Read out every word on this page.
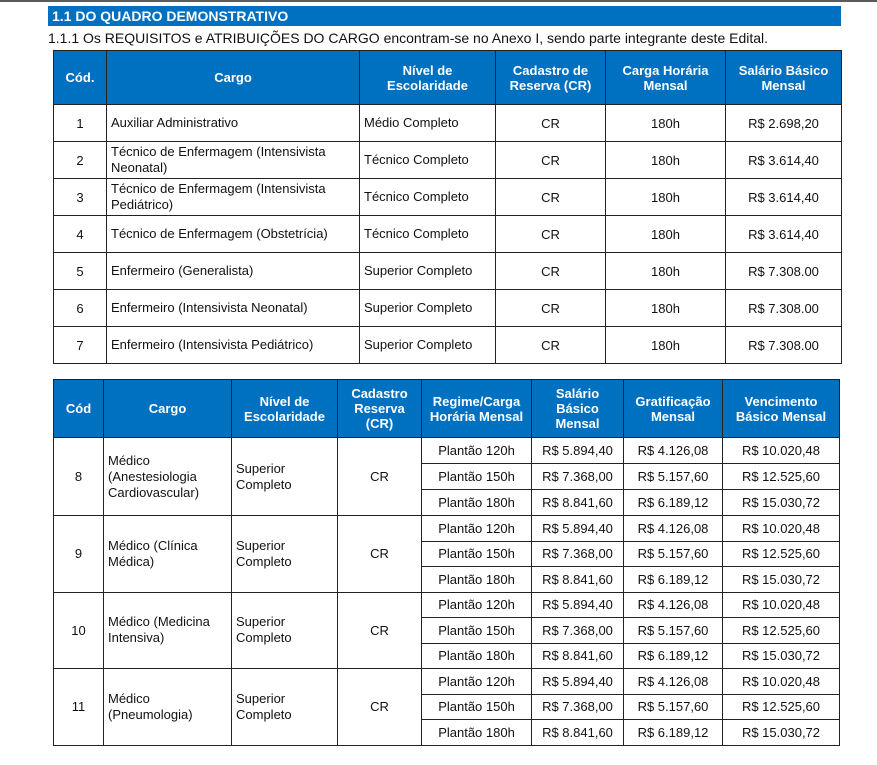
1.1 DO QUADRO DEMONSTRATIVO
1.1.1 Os REQUISITOS e ATRIBUIÇÕES DO CARGO encontram-se no Anexo I, sendo parte integrante deste Edital.
Cód.	Cargo	Nível de Escolaridade	Cadastro de Reserva (CR)	Carga Horária Mensal	Salário Básico Mensal
1	Auxiliar Administrativo	Médio Completo	CR	180h	R$ 2.698,20
2	Técnico de Enfermagem (Intensivista Neonatal)	Técnico Completo	CR	180h	R$ 3.614,40
3	Técnico de Enfermagem (Intensivista Pediátrico)	Técnico Completo	CR	180h	R$ 3.614,40
4	Técnico de Enfermagem (Obstetrícia)	Técnico Completo	CR	180h	R$ 3.614,40
5	Enfermeiro (Generalista)	Superior Completo	CR	180h	R$ 7.308.00
6	Enfermeiro (Intensivista Neonatal)	Superior Completo	CR	180h	R$ 7.308.00
7	Enfermeiro (Intensivista Pediátrico)	Superior Completo	CR	180h	R$ 7.308.00
Cód	Cargo	Nível de Escolaridade	Cadastro Reserva (CR)	Regime/Carga Horária Mensal	Salário Básico Mensal	Gratificação Mensal	Vencimento Básico Mensal
8	Médico (Anestesiologia Cardiovascular)	Superior Completo	CR	Plantão 120h	R$ 5.894,40	R$ 4.126,08	R$ 10.020,48
				Plantão 150h	R$ 7.368,00	R$ 5.157,60	R$ 12.525,60
				Plantão 180h	R$ 8.841,60	R$ 6.189,12	R$ 15.030,72
9	Médico (Clínica Médica)	Superior Completo	CR	Plantão 120h	R$ 5.894,40	R$ 4.126,08	R$ 10.020,48
				Plantão 150h	R$ 7.368,00	R$ 5.157,60	R$ 12.525,60
				Plantão 180h	R$ 8.841,60	R$ 6.189,12	R$ 15.030,72
10	Médico (Medicina Intensiva)	Superior Completo	CR	Plantão 120h	R$ 5.894,40	R$ 4.126,08	R$ 10.020,48
				Plantão 150h	R$ 7.368,00	R$ 5.157,60	R$ 12.525,60
				Plantão 180h	R$ 8.841,60	R$ 6.189,12	R$ 15.030,72
11	Médico (Pneumologia)	Superior Completo	CR	Plantão 120h	R$ 5.894,40	R$ 4.126,08	R$ 10.020,48
				Plantão 150h	R$ 7.368,00	R$ 5.157,60	R$ 12.525,60
				Plantão 180h	R$ 8.841,60	R$ 6.189,12	R$ 15.030,72
